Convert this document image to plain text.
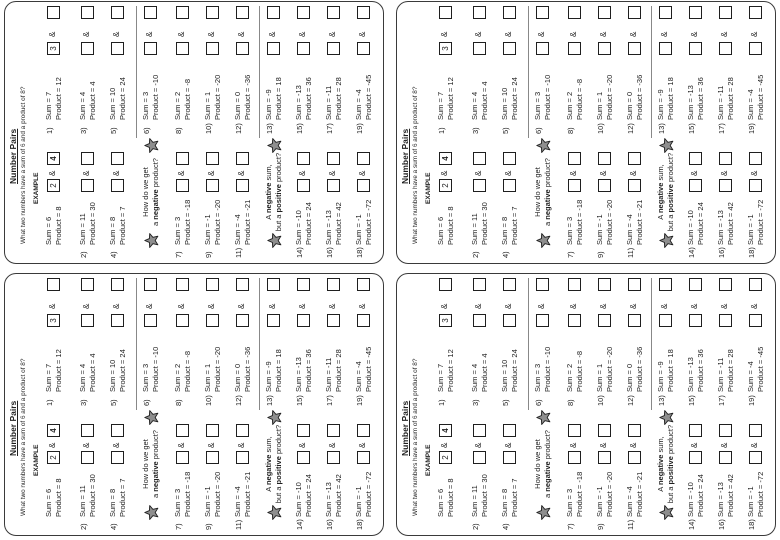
Number Pairs What two numbers have a sum of 6 and a product of 8? EXAMPLE
Sum = 6 Product = 8
2
&
4
2)
Sum = 11 Product = 30
&
4)
Sum = 8 Product = 7
&	How do we get
a negative product?
7)
Sum = 3 Product = -18
&
9)
Sum = -1 Product = -20
&
11)
Sum = -4 Product = -21
&
A negative sum,
but a positive product?
14)
Sum = -10 Product = 24
&
16)
Sum = -13 Product = 42
&
18)
Sum = -1 Product = -72
&
1)
Sum = 7 Product = 12
3
&
3)
Sum = 4 Product = 4
&
5)
Sum = 10 Product = 24
&
6)
Sum = 3 Product = -10
&
8)
Sum = 2 Product = -8
&
10)
Sum = 1 Product = -20
&
12)
Sum = 0 Product = -36
&
13)
Sum = -9 Product = 18
&
15)
Sum = -13 Product = 36
&
17)
Sum = -11 Product = 28
&
19)
Sum = -4 Product = -45
&
Number Pairs What two numbers have a sum of 6 and a product of 8? EXAMPLE
Sum = 6 Product = 8
2
&
4
2)
Sum = 11 Product = 30
&
4)
Sum = 8 Product = 7
&	How do we get
a negative product?
7)
Sum = 3 Product = -18
&
9)
Sum = -1 Product = -20
&
11)
Sum = -4 Product = -21
&
A negative sum,
but a positive product?
14)
Sum = -10 Product = 24
&
16)
Sum = -13 Product = 42
&
18)
Sum = -1 Product = -72
&
1)
Sum = 7 Product = 12
3
&
3)
Sum = 4 Product = 4
&
5)
Sum = 10 Product = 24
&
6)
Sum = 3 Product = -10
&
8)
Sum = 2 Product = -8
&
10)
Sum = 1 Product = -20
&
12)
Sum = 0 Product = -36
&
13)
Sum = -9 Product = 18
&
15)
Sum = -13 Product = 36
&
17)
Sum = -11 Product = 28
&
19)
Sum = -4 Product = -45
&
Number Pairs What two numbers have a sum of 6 and a product of 8? EXAMPLE
Sum = 6 Product = 8
2
&
4
2)
Sum = 11 Product = 30
&
4)
Sum = 8 Product = 7
&	How do we get
a negative product?
7)
Sum = 3 Product = -18
&
9)
Sum = -1 Product = -20
&
11)
Sum = -4 Product = -21
&
A negative sum,
but a positive product?
14)
Sum = -10 Product = 24
&
16)
Sum = -13 Product = 42
&
18)
Sum = -1 Product = -72
&
1)
Sum = 7 Product = 12
3
&
3)
Sum = 4 Product = 4
&
5)
Sum = 10 Product = 24
&
6)
Sum = 3 Product = -10
&
8)
Sum = 2 Product = -8
&
10)
Sum = 1 Product = -20
&
12)
Sum = 0 Product = -36
&
13)
Sum = -9 Product = 18
&
15)
Sum = -13 Product = 36
&
17)
Sum = -11 Product = 28
&
19)
Sum = -4 Product = -45
&
Number Pairs What two numbers have a sum of 6 and a product of 8? EXAMPLE
Sum = 6 Product = 8
2
&
4
2)
Sum = 11 Product = 30
&
4)
Sum = 8 Product = 7
&	How do we get
a negative product?
7)
Sum = 3 Product = -18
&
9)
Sum = -1 Product = -20
&
11)
Sum = -4 Product = -21
&
A negative sum,
but a positive product?
14)
Sum = -10 Product = 24
&
16)
Sum = -13 Product = 42
&
18)
Sum = -1 Product = -72
&
1)
Sum = 7 Product = 12
3
&
3)
Sum = 4 Product = 4
&
5)
Sum = 10 Product = 24
&
6)
Sum = 3 Product = -10
&
8)
Sum = 2 Product = -8
&
10)
Sum = 1 Product = -20
&
12)
Sum = 0 Product = -36
&
13)
Sum = -9 Product = 18
&
15)
Sum = -13 Product = 36
&
17)
Sum = -11 Product = 28
&
19)
Sum = -4 Product = -45
&
